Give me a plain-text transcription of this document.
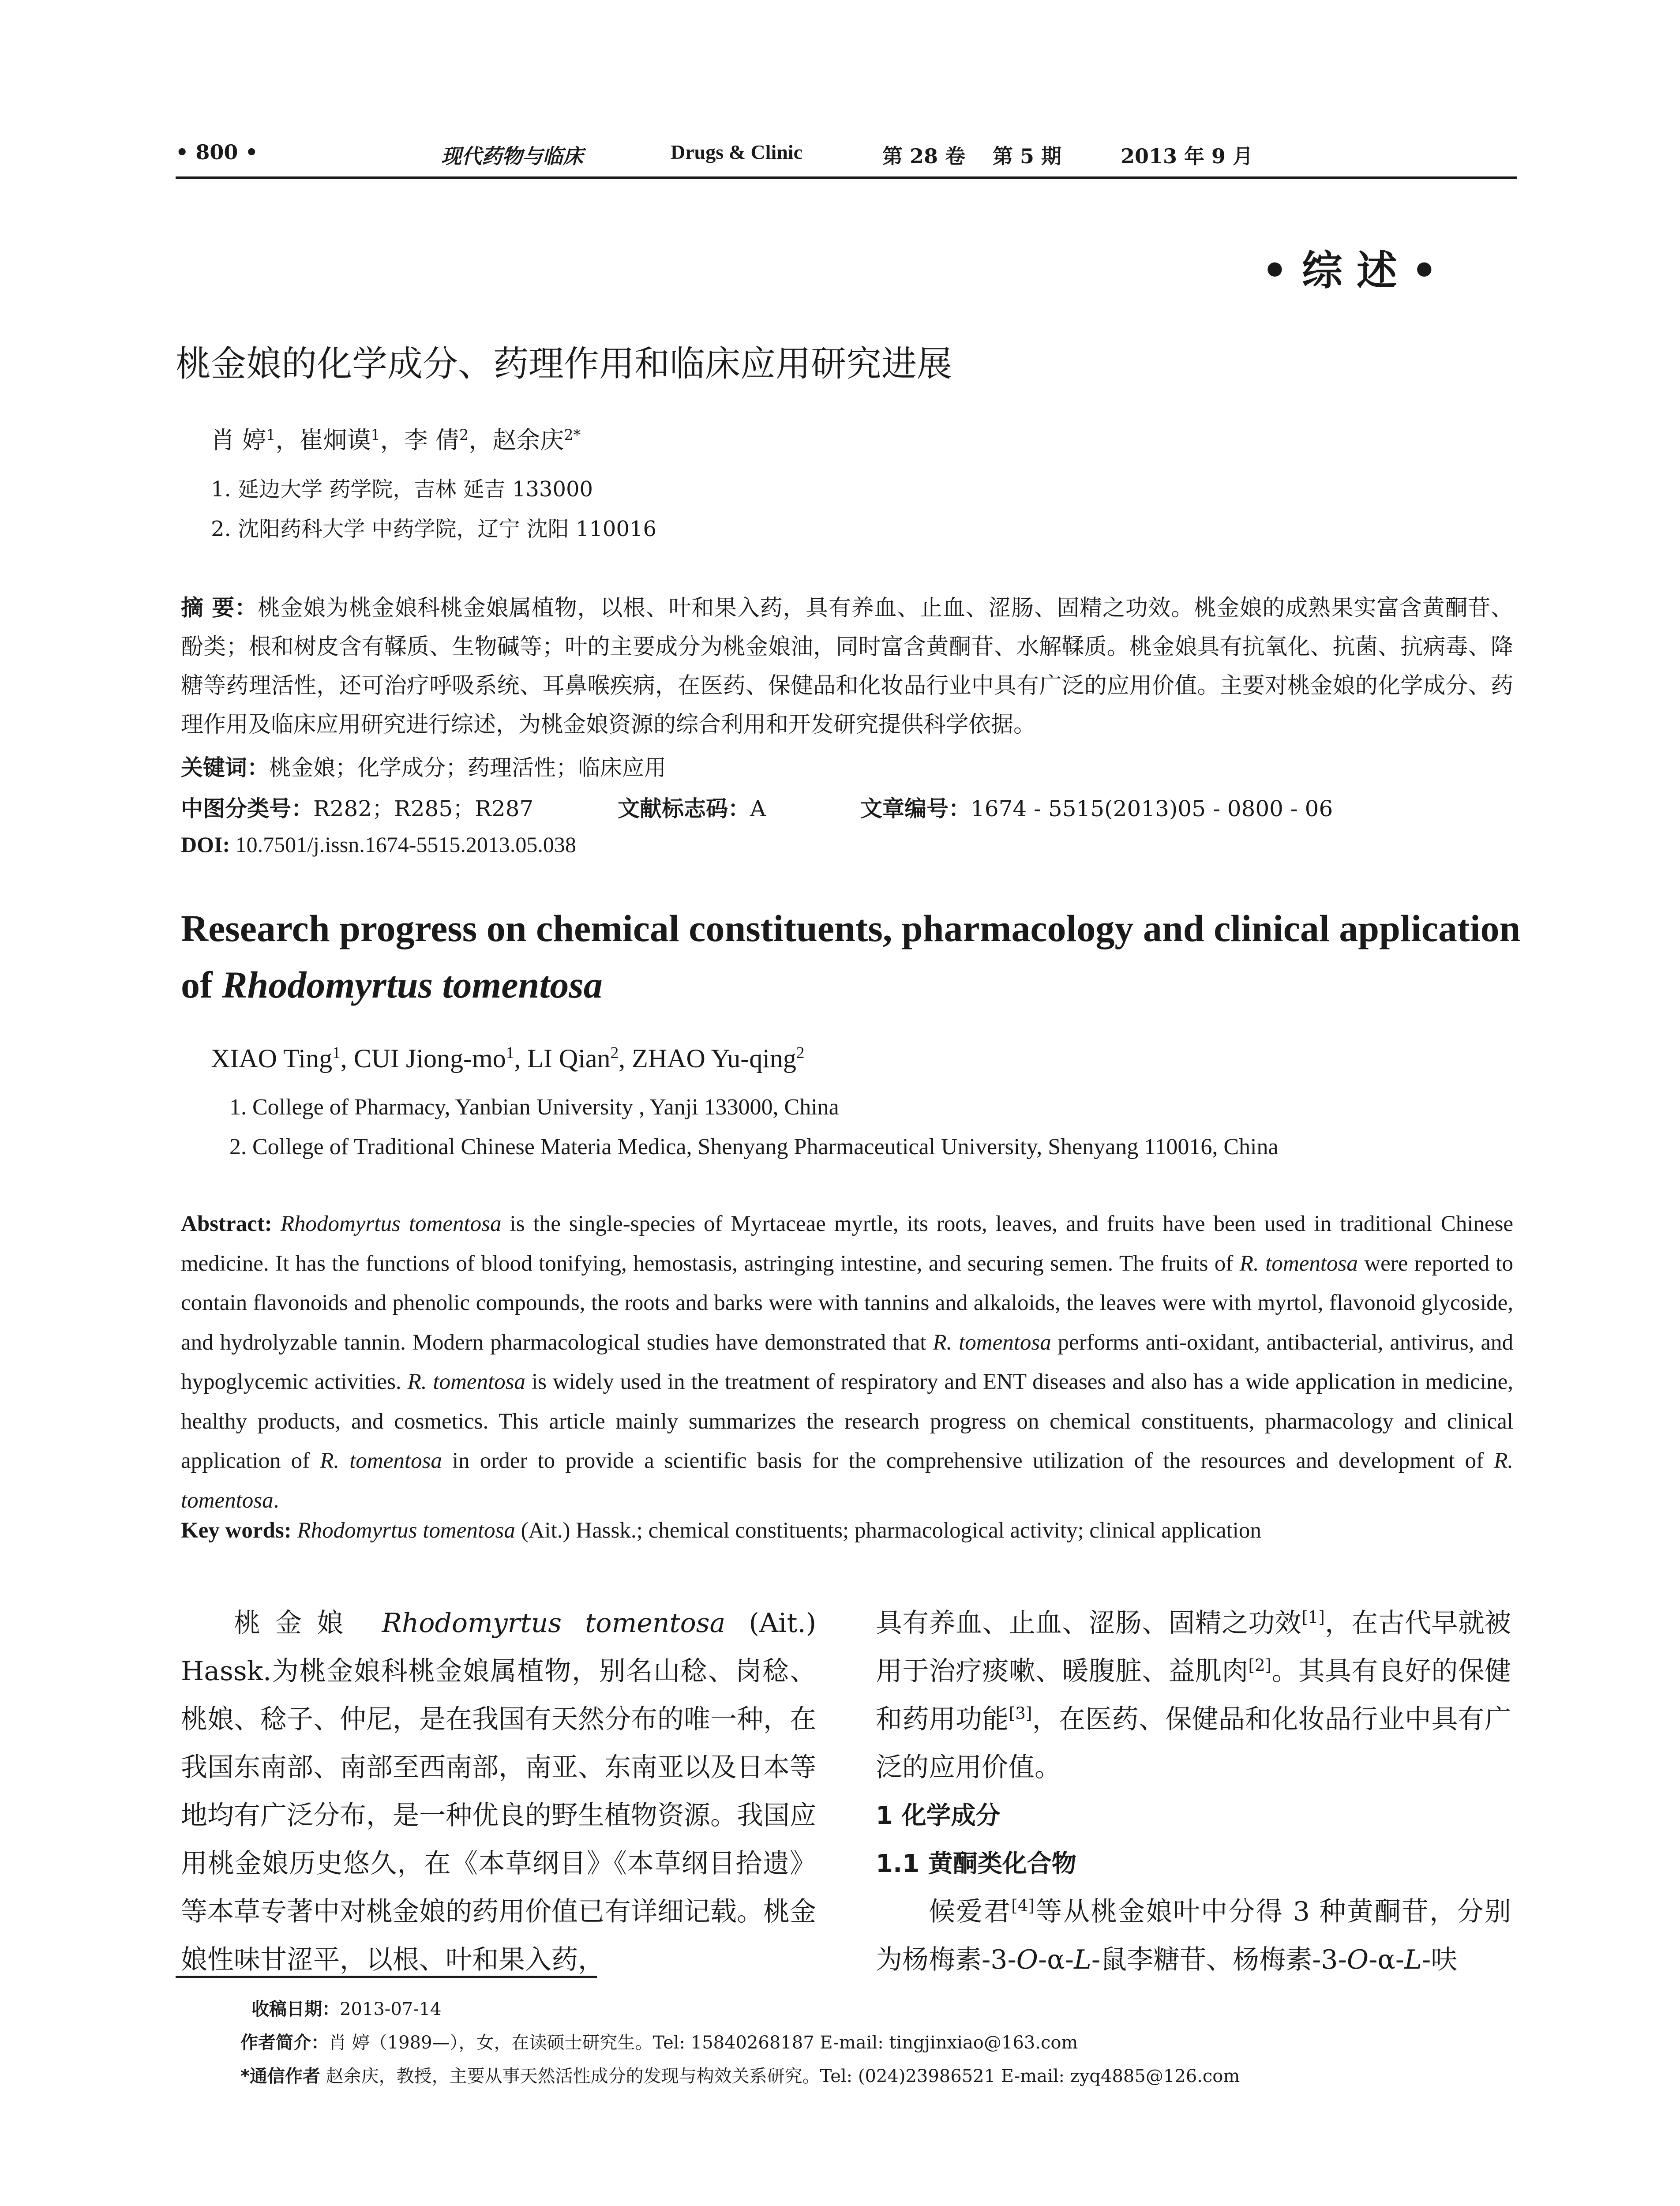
• 800 •	现代药物与临床	Drugs & Clinic	第 28 卷 第 5 期	2013 年 9 月
• 综 述 •
桃金娘的化学成分、药理作用和临床应用研究进展
肖 婷$^1$，崔炯谟$^1$，李 倩$^2$，赵余庆$^{2*}$
1. 延边大学 药学院，吉林 延吉 133000
2. 沈阳药科大学 中药学院，辽宁 沈阳 110016
摘 要：桃金娘为桃金娘科桃金娘属植物，以根、叶和果入药，具有养血、止血、涩肠、固精之功效。桃金娘的成熟果实富含黄酮苷、酚类；根和树皮含有鞣质、生物碱等；叶的主要成分为桃金娘油，同时富含黄酮苷、水解鞣质。桃金娘具有抗氧化、抗菌、抗病毒、降糖等药理活性，还可治疗呼吸系统、耳鼻喉疾病，在医药、保健品和化妆品行业中具有广泛的应用价值。主要对桃金娘的化学成分、药理作用及临床应用研究进行综述，为桃金娘资源的综合利用和开发研究提供科学依据。
关键词：桃金娘；化学成分；药理活性；临床应用
中图分类号：R282；R285；R287	文献标志码：A	文章编号：1674 - 5515(2013)05 - 0800 - 06
DOI: 10.7501/j.issn.1674-5515.2013.05.038
Research progress on chemical constituents, pharmacology and clinical application of Rhodomyrtus tomentosa
XIAO Ting$^1$, CUI Jiong-$mo^1$, LI Qian$^2$, ZHAO Yu-qing$^2$
1. College of Pharmacy, Yanbian University , Yanji 133000, China
2. College of Traditional Chinese Materia Medica, Shenyang Pharmaceutical University, Shenyang 110016, China
Abstract: Rhodomyrtus tomentosa is the single-species of Myrtaceae myrtle, its roots, leaves, and fruits have been used in traditional Chinese medicine. It has the functions of blood tonifying, hemostasis, astringing intestine, and securing semen. The fruits of R. tomentosa were reported to contain flavonoids and phenolic compounds, the roots and barks were with tannins and alkaloids, the leaves were with myrtol, flavonoid glycoside, and hydrolyzable tannin. Modern pharmacological studies have demonstrated that R. tomentosa performs anti-oxidant, antibacterial, antivirus, and hypoglycemic activities. R. tomentosa is widely used in the treatment of respiratory and ENT diseases and also has a wide application in medicine, healthy products, and cosmetics. This article mainly summarizes the research progress on chemical constituents, pharmacology and clinical application of R. tomentosa in order to provide a scientific basis for the comprehensive utilization of the resources and development of R. tomentosa.
Key words: Rhodomyrtus tomentosa (Ait.) Hassk.; chemical constituents; pharmacological activity; clinical application

桃金娘 Rhodomyrtus tomentosa (Ait.) Hassk.为桃金娘科桃金娘属植物，别名山稔、岗稔、桃娘、稔子、仲尼，是在我国有天然分布的唯一种，在我国东南部、南部至西南部，南亚、东南亚以及日本等地均有广泛分布，是一种优良的野生植物资源。我国应用桃金娘历史悠久，在《本草纲目》《本草纲目拾遗》等本草专著中对桃金娘的药用价值已有详细记载。桃金娘性味甘涩平，以根、叶和果入药，

具有养血、止血、涩肠、固精之功效[1]，在古代早就被用于治疗痰嗽、暖腹脏、益肌肉[2]。其具有良好的保健和药用功能[3]，在医药、保健品和化妆品行业中具有广泛的应用价值。

1 化学成分

1.1 黄酮类化合物

候爱君[4]等从桃金娘叶中分得 3 种黄酮苷，分别为杨梅素-3-O-α-L-鼠李糖苷、杨梅素-3-O-α-L-呋

收稿日期：2013-07-14
作者简介：肖 婷（1989—），女，在读硕士研究生。Tel: 15840268187 E-mail: tingjinxiao@163.com
*通信作者 赵余庆，教授，主要从事天然活性成分的发现与构效关系研究。Tel: (024)23986521 E-mail: zyq4885@126.com
